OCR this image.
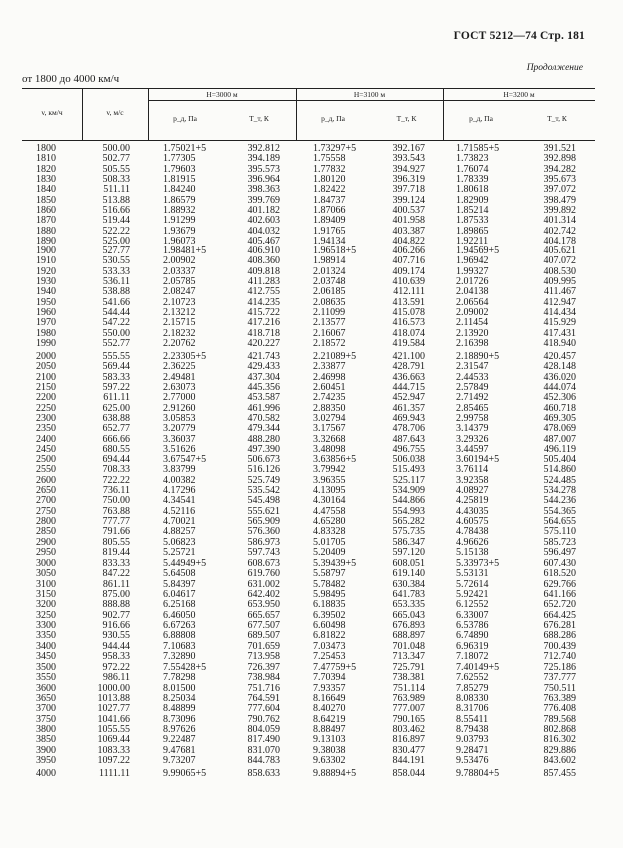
ГОСТ 5212—74 Стр. 181
Продолжение
от 1800 до 4000 км/ч
v, км/ч	v, м/с
H=3000 м	H=3100 м	H=3200 м
p_д, Па	T_т, К	p_д, Па	T_т, К	p_д, Па	T_т, К
1800	500.00	1.75021+5	392.812	1.73297+5	392.167	1.71585+5	391.521
1810	502.77	1.77305	394.189	1.75558	393.543	1.73823	392.898
1820	505.55	1.79603	395.573	1.77832	394.927	1.76074	394.282
1830	508.33	1.81915	396.964	1.80120	396.319	1.78339	395.673
1840	511.11	1.84240	398.363	1.82422	397.718	1.80618	397.072
1850	513.88	1.86579	399.769	1.84737	399.124	1.82909	398.479
1860	516.66	1.88932	401.182	1.87066	400.537	1.85214	399.892
1870	519.44	1.91299	402.603	1.89409	401.958	1.87533	401.314
1880	522.22	1.93679	404.032	1.91765	403.387	1.89865	402.742
1890	525.00	1.96073	405.467	1.94134	404.822	1.92211	404.178
1900	527.77	1.98481+5	406.910	1.96518+5	406.266	1.94569+5	405.621
1910	530.55	2.00902	408.360	1.98914	407.716	1.96942	407.072
1920	533.33	2.03337	409.818	2.01324	409.174	1.99327	408.530
1930	536.11	2.05785	411.283	2.03748	410.639	2.01726	409.995
1940	538.88	2.08247	412.755	2.06185	412.111	2.04138	411.467
1950	541.66	2.10723	414.235	2.08635	413.591	2.06564	412.947
1960	544.44	2.13212	415.722	2.11099	415.078	2.09002	414.434
1970	547.22	2.15715	417.216	2.13577	416.573	2.11454	415.929
1980	550.00	2.18232	418.718	2.16067	418.074	2.13920	417.431
1990	552.77	2.20762	420.227	2.18572	419.584	2.16398	418.940
2000	555.55	2.23305+5	421.743	2.21089+5	421.100	2.18890+5	420.457
2050	569.44	2.36225	429.433	2.33877	428.791	2.31547	428.148
2100	583.33	2.49481	437.304	2.46998	436.663	2.44533	436.020
2150	597.22	2.63073	445.356	2.60451	444.715	2.57849	444.074
2200	611.11	2.77000	453.587	2.74235	452.947	2.71492	452.306
2250	625.00	2.91260	461.996	2.88350	461.357	2.85465	460.718
2300	638.88	3.05853	470.582	3.02794	469.943	2.99758	469.305
2350	652.77	3.20779	479.344	3.17567	478.706	3.14379	478.069
2400	666.66	3.36037	488.280	3.32668	487.643	3.29326	487.007
2450	680.55	3.51626	497.390	3.48098	496.755	3.44597	496.119
2500	694.44	3.67547+5	506.673	3.63856+5	506.038	3.60194+5	505.404
2550	708.33	3.83799	516.126	3.79942	515.493	3.76114	514.860
2600	722.22	4.00382	525.749	3.96355	525.117	3.92358	524.485
2650	736.11	4.17296	535.542	4.13095	534.909	4.08927	534.278
2700	750.00	4.34541	545.498	4.30164	544.866	4.25819	544.236
2750	763.88	4.52116	555.621	4.47558	554.993	4.43035	554.365
2800	777.77	4.70021	565.909	4.65280	565.282	4.60575	564.655
2850	791.66	4.88257	576.360	4.83328	575.735	4.78438	575.110
2900	805.55	5.06823	586.973	5.01705	586.347	4.96626	585.723
2950	819.44	5.25721	597.743	5.20409	597.120	5.15138	596.497
3000	833.33	5.44949+5	608.673	5.39439+5	608.051	5.33973+5	607.430
3050	847.22	5.64508	619.760	5.58797	619.140	5.53131	618.520
3100	861.11	5.84397	631.002	5.78482	630.384	5.72614	629.766
3150	875.00	6.04617	642.402	5.98495	641.783	5.92421	641.166
3200	888.88	6.25168	653.950	6.18835	653.335	6.12552	652.720
3250	902.77	6.46050	665.657	6.39502	665.043	6.33007	664.425
3300	916.66	6.67263	677.507	6.60498	676.893	6.53786	676.281
3350	930.55	6.88808	689.507	6.81822	688.897	6.74890	688.286
3400	944.44	7.10683	701.659	7.03473	701.048	6.96319	700.439
3450	958.33	7.32890	713.958	7.25453	713.347	7.18072	712.740
3500	972.22	7.55428+5	726.397	7.47759+5	725.791	7.40149+5	725.186
3550	986.11	7.78298	738.984	7.70394	738.381	7.62552	737.777
3600	1000.00	8.01500	751.716	7.93357	751.114	7.85279	750.511
3650	1013.88	8.25034	764.591	8.16649	763.989	8.08330	763.389
3700	1027.77	8.48899	777.604	8.40270	777.007	8.31706	776.408
3750	1041.66	8.73096	790.762	8.64219	790.165	8.55411	789.568
3800	1055.55	8.97626	804.059	8.88497	803.462	8.79438	802.868
3850	1069.44	9.22487	817.490	9.13103	816.897	9.03793	816.302
3900	1083.33	9.47681	831.070	9.38038	830.477	9.28471	829.886
3950	1097.22	9.73207	844.783	9.63302	844.191	9.53476	843.602
4000	1111.11	9.99065+5	858.633	9.88894+5	858.044	9.78804+5	857.455
